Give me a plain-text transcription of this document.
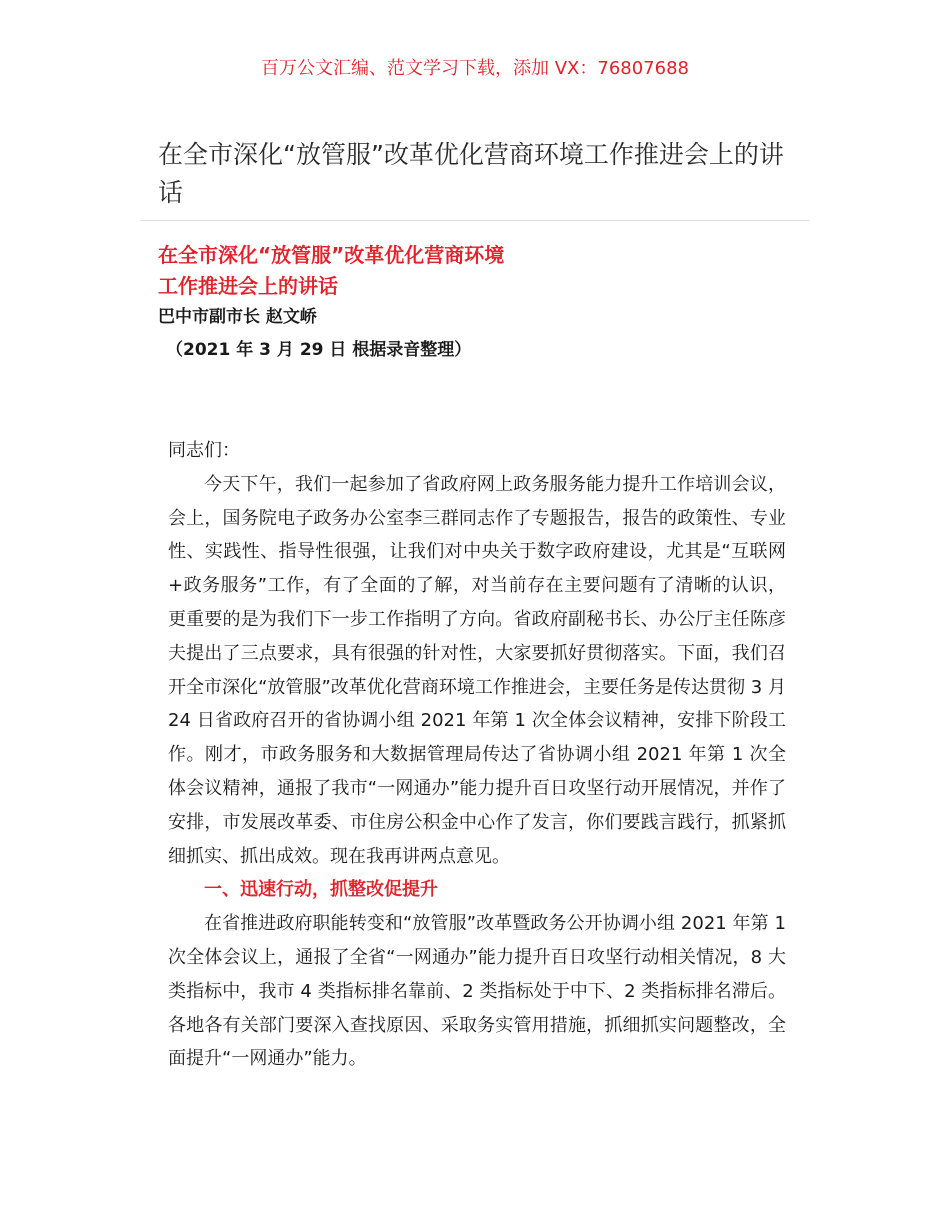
百万公文汇编、范文学习下载，添加 VX：76807688
在全市深化“放管服”改革优化营商环境工作推进会上的讲话
在全市深化“放管服”改革优化营商环境
工作推进会上的讲话
巴中市副市长 赵文峤
（2021 年 3 月 29 日 根据录音整理）

同志们：

今天下午，我们一起参加了省政府网上政务服务能力提升工作培训会议，会上，国务院电子政务办公室李三群同志作了专题报告，报告的政策性、专业性、实践性、指导性很强，让我们对中央关于数字政府建设，尤其是“互联网+政务服务”工作，有了全面的了解，对当前存在主要问题有了清晰的认识，更重要的是为我们下一步工作指明了方向。省政府副秘书长、办公厅主任陈彦夫提出了三点要求，具有很强的针对性，大家要抓好贯彻落实。下面，我们召开全市深化“放管服”改革优化营商环境工作推进会，主要任务是传达贯彻 3 月 24 日省政府召开的省协调小组 2021 年第 1 次全体会议精神，安排下阶段工作。刚才，市政务服务和大数据管理局传达了省协调小组 2021 年第 1 次全体会议精神，通报了我市“一网通办”能力提升百日攻坚行动开展情况，并作了安排，市发展改革委、市住房公积金中心作了发言，你们要践言践行，抓紧抓细抓实、抓出成效。现在我再讲两点意见。

一、迅速行动，抓整改促提升

在省推进政府职能转变和“放管服”改革暨政务公开协调小组 2021 年第 1 次全体会议上，通报了全省“一网通办”能力提升百日攻坚行动相关情况，8 大类指标中，我市 4 类指标排名靠前、2 类指标处于中下、2 类指标排名滞后。各地各有关部门要深入查找原因、采取务实管用措施，抓细抓实问题整改，全面提升“一网通办”能力。
